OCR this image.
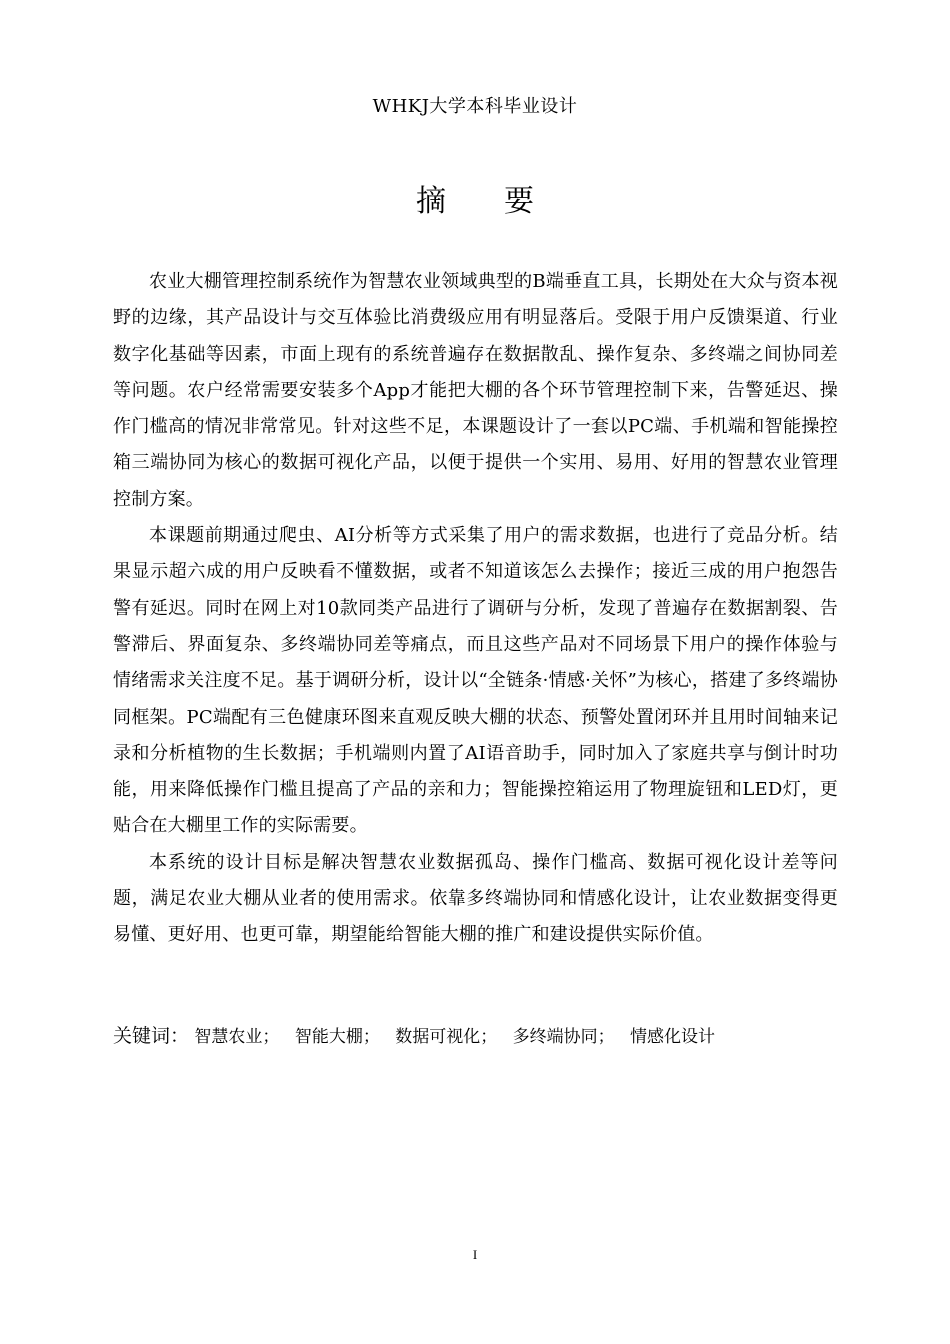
WHKJ大学本科毕业设计
摘要

农业大棚管理控制系统作为智慧农业领域典型的B端垂直工具，长期处在大众与资本视野的边缘，其产品设计与交互体验比消费级应用有明显落后。受限于用户反馈渠道、行业数字化基础等因素，市面上现有的系统普遍存在数据散乱、操作复杂、多终端之间协同差等问题。农户经常需要安装多个App才能把大棚的各个环节管理控制下来，告警延迟、操作门槛高的情况非常常见。针对这些不足，本课题设计了一套以PC端、手机端和智能操控箱三端协同为核心的数据可视化产品，以便于提供一个实用、易用、好用的智慧农业管理控制方案。

本课题前期通过爬虫、AI分析等方式采集了用户的需求数据，也进行了竞品分析。结果显示超六成的用户反映看不懂数据，或者不知道该怎么去操作；接近三成的用户抱怨告警有延迟。同时在网上对10款同类产品进行了调研与分析，发现了普遍存在数据割裂、告警滞后、界面复杂、多终端协同差等痛点，而且这些产品对不同场景下用户的操作体验与情绪需求关注度不足。基于调研分析，设计以“全链条·情感·关怀”为核心，搭建了多终端协同框架。PC端配有三色健康环图来直观反映大棚的状态、预警处置闭环并且用时间轴来记录和分析植物的生长数据；手机端则内置了AI语音助手，同时加入了家庭共享与倒计时功能，用来降低操作门槛且提高了产品的亲和力；智能操控箱运用了物理旋钮和LED灯，更贴合在大棚里工作的实际需要。

本系统的设计目标是解决智慧农业数据孤岛、操作门槛高、数据可视化设计差等问题，满足农业大棚从业者的使用需求。依靠多终端协同和情感化设计，让农业数据变得更易懂、更好用、也更可靠，期望能给智能大棚的推广和建设提供实际价值。

关键词： 智慧农业； 智能大棚； 数据可视化； 多终端协同； 情感化设计
I
